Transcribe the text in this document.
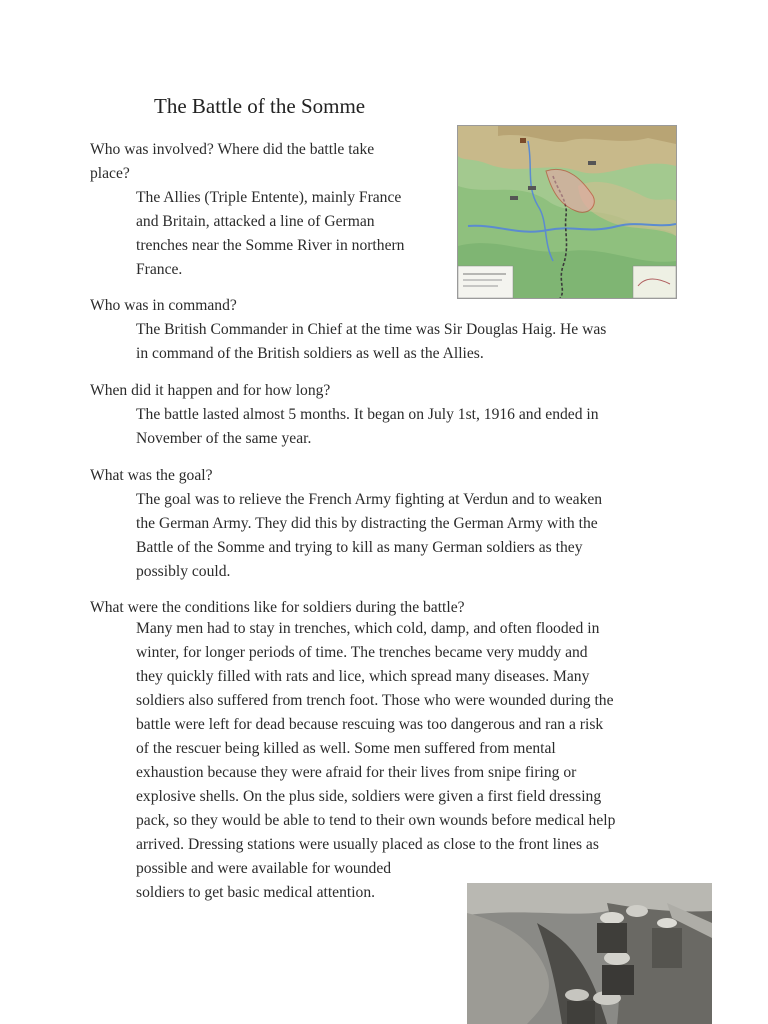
The Battle of the Somme
Who was involved? Where did the battle take
place?
The Allies (Triple Entente), mainly France
and Britain, attacked a line of German
trenches near the Somme River in northern
France.
Who was in command?
The British Commander in Chief at the time was Sir Douglas Haig. He was
in command of the British soldiers as well as the Allies.
When did it happen and for how long?
The battle lasted almost 5 months. It began on July 1st, 1916 and ended in
November of the same year.
What was the goal?
The goal was to relieve the French Army fighting at Verdun and to weaken
the German Army. They did this by distracting the German Army with the
Battle of the Somme and trying to kill as many German soldiers as they
possibly could.
What were the conditions like for soldiers during the battle?
Many men had to stay in trenches, which cold, damp, and often flooded in
winter, for longer periods of time. The trenches became very muddy and
they quickly filled with rats and lice, which spread many diseases. Many
soldiers also suffered from trench foot. Those who were wounded during the
battle were left for dead because rescuing was too dangerous and ran a risk
of the rescuer being killed as well. Some men suffered from mental
exhaustion because they were afraid for their lives from snipe firing or
explosive shells. On the plus side, soldiers were given a first field dressing
pack, so they would be able to tend to their own wounds before medical help
arrived. Dressing stations were usually placed as close to the front lines as
possible and were available for wounded
soldiers to get basic medical attention.
